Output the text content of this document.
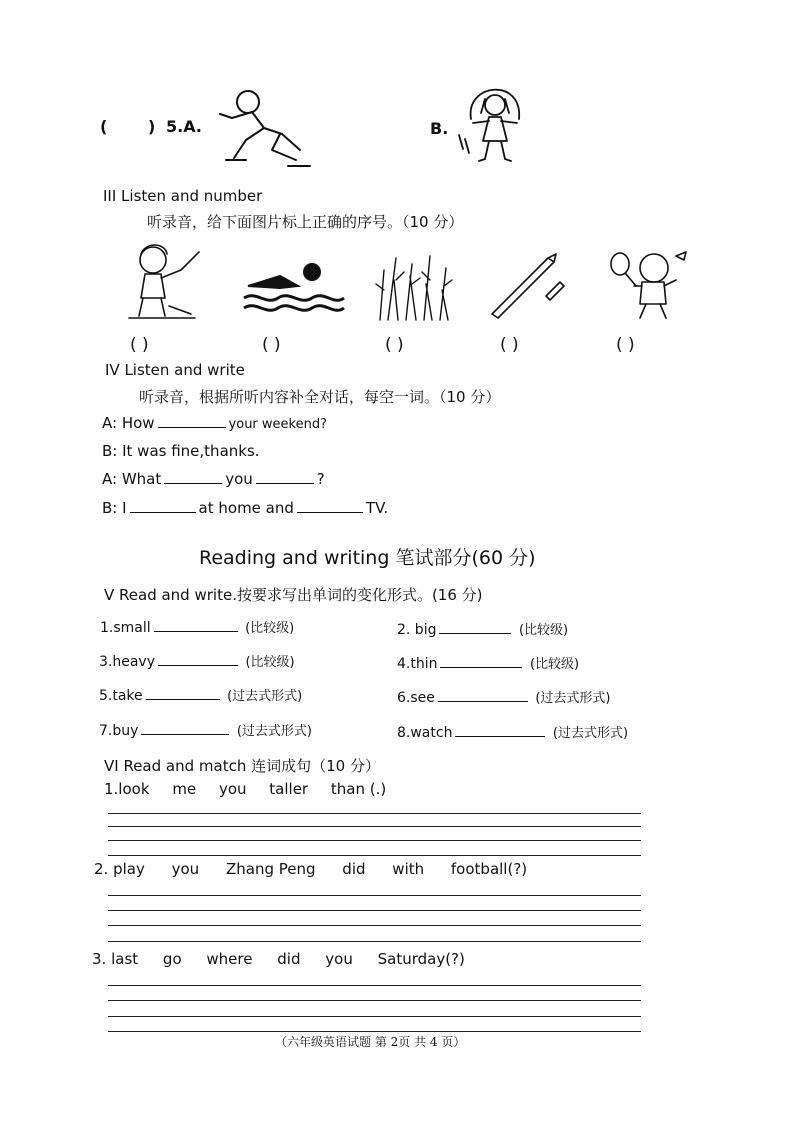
(	) 5.A.	B.
III Listen and number
听录音，给下面图片标上正确的序号。（10 分）
( )	( )	( )	( )	( )
IV Listen and write
听录音，根据所听内容补全对话，每空一词。（10 分）
A: How	your weekend?
B: It was fine,thanks.
A: What	you	?
B: I	at home and	TV.
Reading and writing 笔试部分(60 分)
V Read and write.按要求写出单词的变化形式。(16 分)
1.small	(比较级)	2. big	(比较级)
3.heavy	(比较级)	4.thin	(比较级)
5.take	(过去式形式)	6.see	(过去式形式)
7.buy	(过去式形式)	8.watch	(过去式形式)
VI Read and match 连词成句（10 分）
1.look me you taller than (.)
2. play you Zhang Peng did with football(?)
3. last go where did you Saturday(?)
（六年级英语试题 第 2页 共 4 页）
